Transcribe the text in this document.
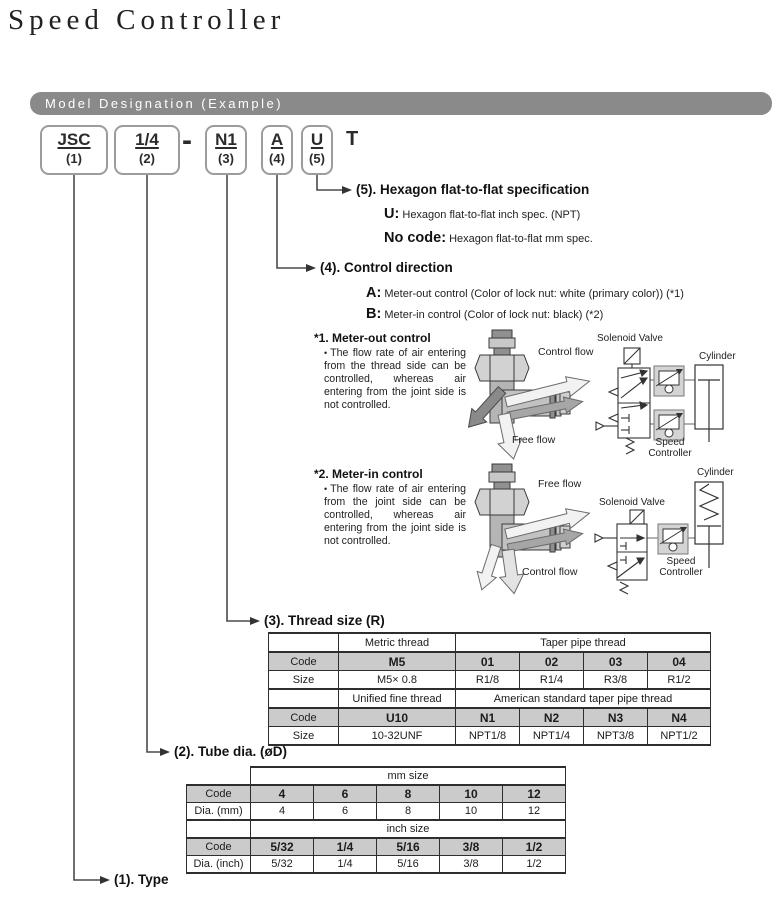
Speed Controller
Model Designation (Example)
JSC
(1)
1/4
(2)
-	N1
(3)
A
(4)
U
(5)
T
(5). Hexagon flat-to-flat specification
U: Hexagon flat-to-flat inch spec. (NPT)
No code: Hexagon flat-to-flat mm spec.
(4). Control direction
A: Meter-out control (Color of lock nut: white (primary color)) (*1)
B: Meter-in control (Color of lock nut: black) (*2)
*1. Meter-out control
• The flow rate of air entering from the thread side can be controlled, whereas air entering from the joint side is not controlled.
Control flow
Free flow
Solenoid Valve
Cylinder
Speed Controller
*2. Meter-in control
• The flow rate of air entering from the joint side can be controlled, whereas air entering from the joint side is not controlled.
Free flow
Control flow
Cylinder
Solenoid Valve
Speed Controller
(3). Thread size (R)
	Metric thread	Taper pipe thread			
Code	M5	01	02	03	04
Size	M5× 0.8	R1/8	R1/4	R3/8	R1/2
	Unified fine thread	American standard taper pipe thread			
Code	U10	N1	N2	N3	N4
Size	10-32UNF	NPT1/8	NPT1/4	NPT3/8	NPT1/2
(2). Tube dia. (øD)
	mm size				
Code	4	6	8	10	12
Dia. (mm)	4	6	8	10	12
	inch size				
Code	5/32	1/4	5/16	3/8	1/2
Dia. (inch)	5/32	1/4	5/16	3/8	1/2
(1). Type
